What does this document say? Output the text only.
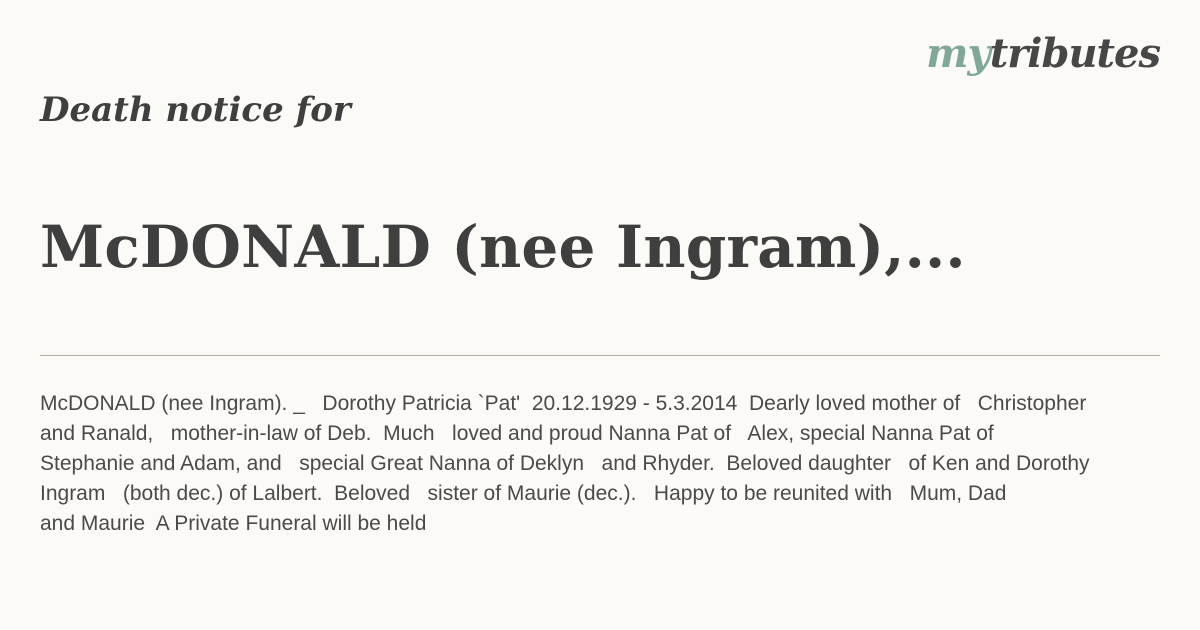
mytributes
Death notice for
McDONALD (nee Ingram),...

McDONALD (nee Ingram). _   Dorothy Patricia `Pat'  20.12.1929 - 5.3.2014  Dearly loved mother of   Christopher
and Ranald,   mother-in-law of Deb.  Much   loved and proud Nanna Pat of   Alex, special Nanna Pat of
Stephanie and Adam, and   special Great Nanna of Deklyn   and Rhyder.  Beloved daughter   of Ken and Dorothy
Ingram   (both dec.) of Lalbert.  Beloved   sister of Maurie (dec.).   Happy to be reunited with   Mum, Dad
and Maurie  A Private Funeral will be held
